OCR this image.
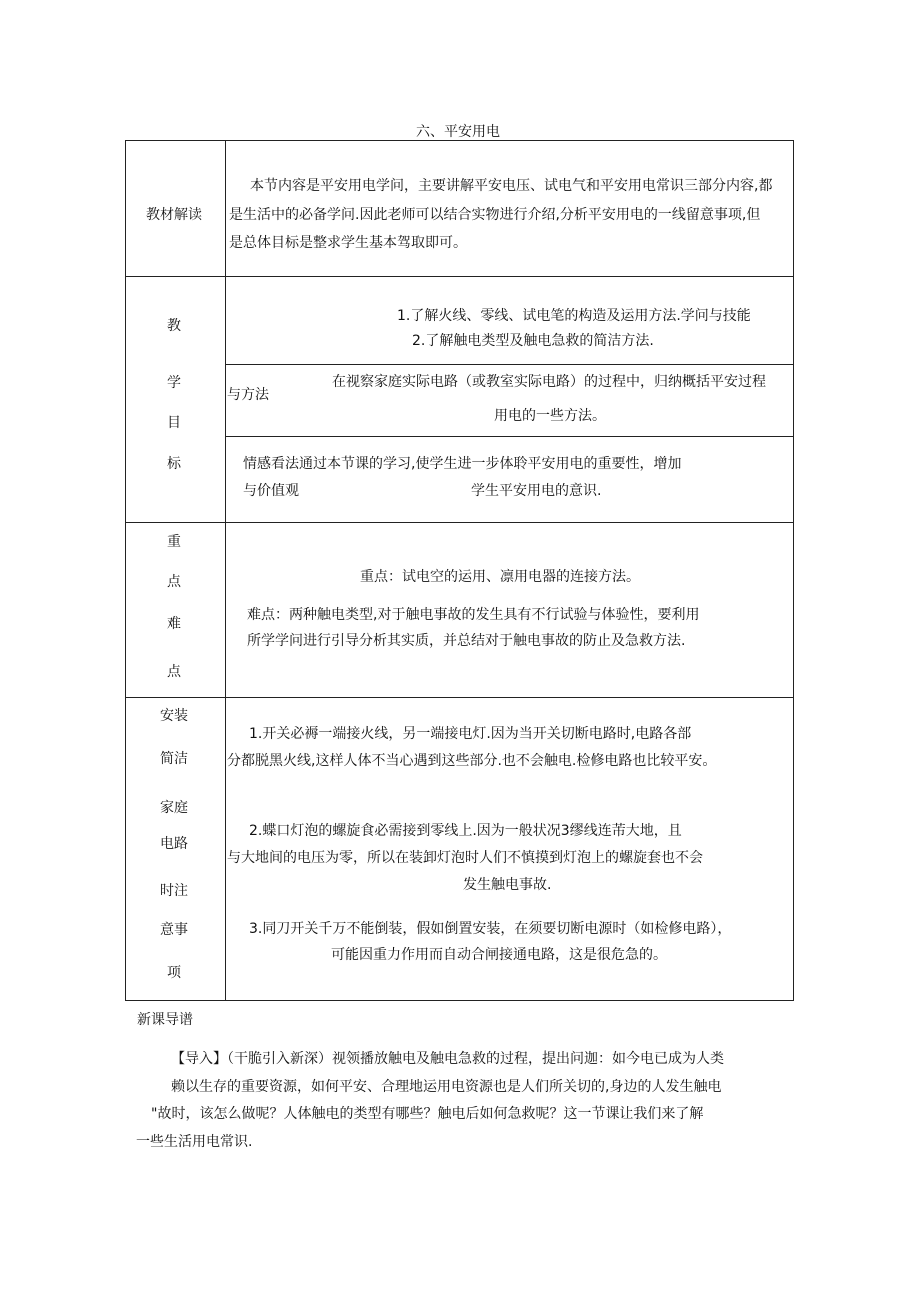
六、平安用电
教材解读
本节内容是平安用电学问，主要讲解平安电压、试电气和平安用电常识三部分内容,都
是生活中的必备学问.因此老师可以结合实物进行介绍,分析平安用电的一线留意事项,但
是总体目标是整求学生基本驾取即可。
教
学
目
标
1.了解火线、零线、试电笔的构造及运用方法.学问与技能
2.了解触电类型及触电急救的简洁方法.
在视察家庭实际电路（或教室实际电路）的过程中，归纳概括平安过程
与方法
用电的一些方法。
情感看法通过本节课的学习,使学生进一步体聆平安用电的重要性，增加
与价值观	学生平安用电的意识.
重
点
难
点
重点：试电空的运用、凛用电器的连接方法。
难点：两种触电类型,对于触电事故的发生具有不行试验与体验性，要利用
所学学问进行引导分析其实质，并总结对于触电事故的防止及急救方法.
安装
简洁
家庭
电路
时注
意事
项
1.开关必褥一端接火线，另一端接电灯.因为当开关切断电路时,电路各部
分都脱黑火线,这样人体不当心遇到这些部分.也不会触电.检修电路也比较平安。
2.蝶口灯泡的螺旋食必需接到零线上.因为一般状况3缪线连芾大地，且
与大地间的电压为零，所以在装卸灯泡时人们不慎摸到灯泡上的螺旋套也不会
发生触电事故.
3.同刀开关千万不能倒装，假如倒置安装，在须要切断电源时（如检修电路），
可能因重力作用而自动合闸接通电路，这是很危急的。
新课导谱
【导入】（干脆引入新深）视领播放触电及触电急救的过程，提出问迦：如今电已成为人类
赖以生存的重要资源，如何平安、合理地运用电资源也是人们所关切的,身边的人发生触电
"故时，该怎么做呢？人体触电的类型有哪些？触电后如何急救呢？这一节课让我们来了解
一些生活用电常识.
